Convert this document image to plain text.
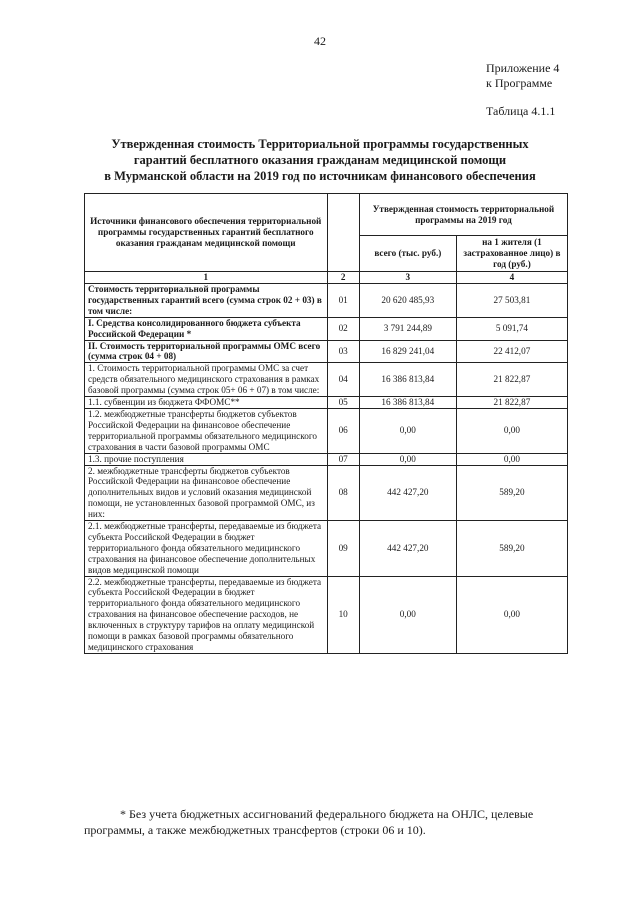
42
Приложение 4
к Программе
Таблица 4.1.1
Утвержденная стоимость Территориальной программы государственных
гарантий бесплатного оказания гражданам медицинской помощи
в Мурманской области на 2019 год по источникам финансового обеспечения
Источники финансового обеспечения территориальной программы государственных гарантий бесплатного оказания гражданам медицинской помощи		Утвержденная стоимость территориальной программы на 2019 год	
		всего (тыс. руб.)	на 1 жителя (1 застрахованное лицо) в год (руб.)
1	2	3	4
Стоимость территориальной программы государственных гарантий всего (сумма строк 02 + 03) в том числе:	01	20 620 485,93	27 503,81
I. Средства консолидированного бюджета субъекта Российской Федерации *	02	3 791 244,89	5 091,74
II. Стоимость территориальной программы ОМС всего (сумма строк 04 + 08)	03	16 829 241,04	22 412,07
1. Стоимость территориальной программы ОМС за счет средств обязательного медицинского страхования в рамках базовой программы (сумма строк 05+ 06 + 07) в том числе:	04	16 386 813,84	21 822,87
1.1. субвенции из бюджета ФФОМС**	05	16 386 813,84	21 822,87
1.2. межбюджетные трансферты бюджетов субъектов Российской Федерации на финансовое обеспечение территориальной программы обязательного медицинского страхования в части базовой программы ОМС	06	0,00	0,00
1.3. прочие поступления	07	0,00	0,00
2. межбюджетные трансферты бюджетов субъектов Российской Федерации на финансовое обеспечение дополнительных видов и условий оказания медицинской помощи, не установленных базовой программой ОМС, из них:	08	442 427,20	589,20
2.1. межбюджетные трансферты, передаваемые из бюджета субъекта Российской Федерации в бюджет территориального фонда обязательного медицинского страхования на финансовое обеспечение дополнительных видов медицинской помощи	09	442 427,20	589,20
2.2. межбюджетные трансферты, передаваемые из бюджета субъекта Российской Федерации в бюджет территориального фонда обязательного медицинского страхования на финансовое обеспечение расходов, не включенных в структуру тарифов на оплату медицинской помощи в рамках базовой программы обязательного медицинского страхования	10	0,00	0,00
* Без учета бюджетных ассигнований федерального бюджета на ОНЛС, целевые
программы, а также межбюджетных трансфертов (строки 06 и 10).
